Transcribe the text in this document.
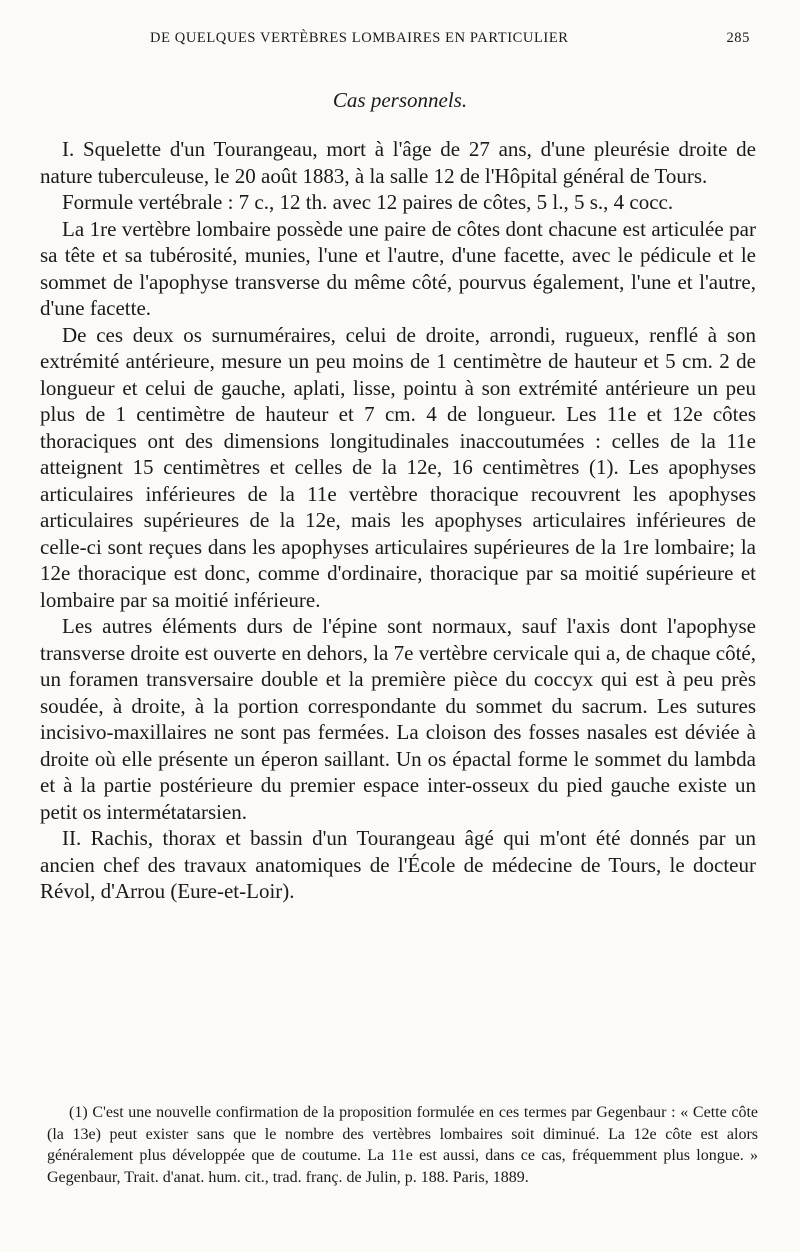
DE QUELQUES VERTÈBRES LOMBAIRES EN PARTICULIER	285
Cas personnels.

I. Squelette d'un Tourangeau, mort à l'âge de 27 ans, d'une pleurésie droite de nature tuberculeuse, le 20 août 1883, à la salle 12 de l'Hôpital général de Tours.

Formule vertébrale : 7 c., 12 th. avec 12 paires de côtes, 5 l., 5 s., 4 cocc.

La 1re vertèbre lombaire possède une paire de côtes dont chacune est articulée par sa tête et sa tubérosité, munies, l'une et l'autre, d'une facette, avec le pédicule et le sommet de l'apophyse transverse du même côté, pourvus également, l'une et l'autre, d'une facette.

De ces deux os surnuméraires, celui de droite, arrondi, rugueux, renflé à son extrémité antérieure, mesure un peu moins de 1 centimètre de hauteur et 5 cm. 2 de longueur et celui de gauche, aplati, lisse, pointu à son extrémité antérieure un peu plus de 1 centimètre de hauteur et 7 cm. 4 de longueur. Les 11e et 12e côtes thoraciques ont des dimensions longitudinales inaccoutumées : celles de la 11e atteignent 15 centimètres et celles de la 12e, 16 centimètres (1). Les apophyses articulaires inférieures de la 11e vertèbre thoracique recouvrent les apophyses articulaires supérieures de la 12e, mais les apophyses articulaires inférieures de celle-ci sont reçues dans les apophyses articulaires supérieures de la 1re lombaire; la 12e thoracique est donc, comme d'ordinaire, thoracique par sa moitié supérieure et lombaire par sa moitié inférieure.

Les autres éléments durs de l'épine sont normaux, sauf l'axis dont l'apophyse transverse droite est ouverte en dehors, la 7e vertèbre cervicale qui a, de chaque côté, un foramen transversaire double et la première pièce du coccyx qui est à peu près soudée, à droite, à la portion correspondante du sommet du sacrum. Les sutures incisivo-maxillaires ne sont pas fermées. La cloison des fosses nasales est déviée à droite où elle présente un éperon saillant. Un os épactal forme le sommet du lambda et à la partie postérieure du premier espace inter-osseux du pied gauche existe un petit os intermétatarsien.

II. Rachis, thorax et bassin d'un Tourangeau âgé qui m'ont été donnés par un ancien chef des travaux anatomiques de l'École de médecine de Tours, le docteur Révol, d'Arrou (Eure-et-Loir).

(1) C'est une nouvelle confirmation de la proposition formulée en ces termes par Gegenbaur : « Cette côte (la 13e) peut exister sans que le nombre des vertèbres lombaires soit diminué. La 12e côte est alors généralement plus développée que de coutume. La 11e est aussi, dans ce cas, fréquemment plus longue. » Gegenbaur, Trait. d'anat. hum. cit., trad. franç. de Julin, p. 188. Paris, 1889.
